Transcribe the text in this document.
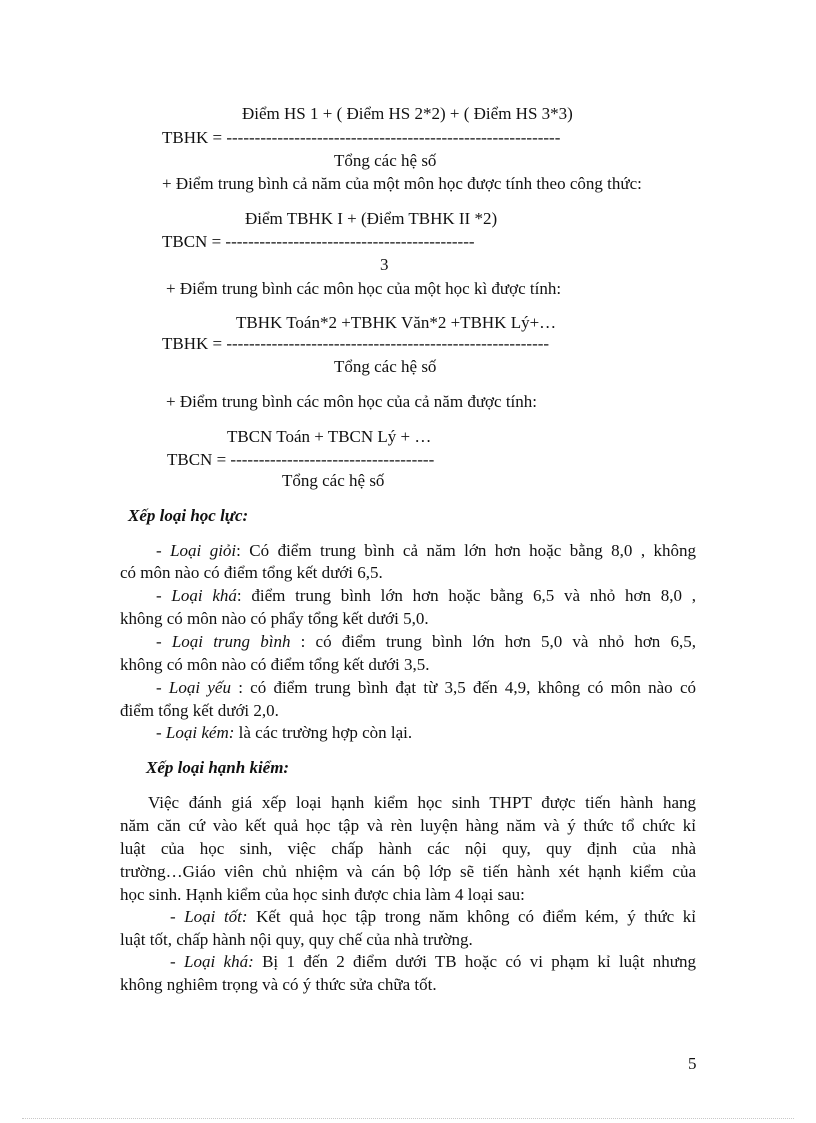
Điểm HS 1 + ( Điểm HS 2*2) + ( Điểm HS 3*3)
TBHK = -----------------------------------------------------------
Tổng các hệ số
+ Điểm trung bình cả năm của một môn học được tính theo công thức:
Điểm TBHK I + (Điểm TBHK II *2)
TBCN = --------------------------------------------
3
+ Điểm trung bình các môn học của một học kì được tính:
TBHK Toán*2 +TBHK Văn*2 +TBHK Lý+…
TBHK = ---------------------------------------------------------
Tổng các hệ số
+ Điểm trung bình các môn học của cả năm được tính:
TBCN Toán + TBCN Lý + …
TBCN = ------------------------------------
Tổng các hệ số
Xếp loại học lực:
- Loại giỏi: Có điểm trung bình cả năm lớn hơn hoặc bằng 8,0 , không
có môn nào có điểm tổng kết dưới 6,5.
- Loại khá: điểm trung bình lớn hơn hoặc bằng 6,5 và nhỏ hơn 8,0 ,
không có môn nào có phẩy tổng kết dưới 5,0.
- Loại trung bình : có điểm trung bình lớn hơn 5,0 và nhỏ hơn 6,5,
không có môn nào có điểm tổng kết dưới 3,5.
- Loại yếu : có điểm trung bình đạt từ 3,5 đến 4,9, không có môn nào có
điểm tổng kết dưới 2,0.
- Loại kém: là các trường hợp còn lại.
Xếp loại hạnh kiểm:
Việc đánh giá xếp loại hạnh kiểm học sinh THPT được tiến hành hang
năm căn cứ vào kết quả học tập và rèn luyện hàng năm và ý thức tổ chức kỉ
luật của học sinh, việc chấp hành các nội quy, quy định của nhà
trường…Giáo viên chủ nhiệm và cán bộ lớp sẽ tiến hành xét hạnh kiểm của
học sinh. Hạnh kiểm của học sinh được chia làm 4 loại sau:
- Loại tốt: Kết quả học tập trong năm không có điểm kém, ý thức kỉ
luật tốt, chấp hành nội quy, quy chế của nhà trường.
- Loại khá: Bị 1 đến 2 điểm dưới TB hoặc có vi phạm kỉ luật nhưng
không nghiêm trọng và có ý thức sửa chữa tốt.
5
